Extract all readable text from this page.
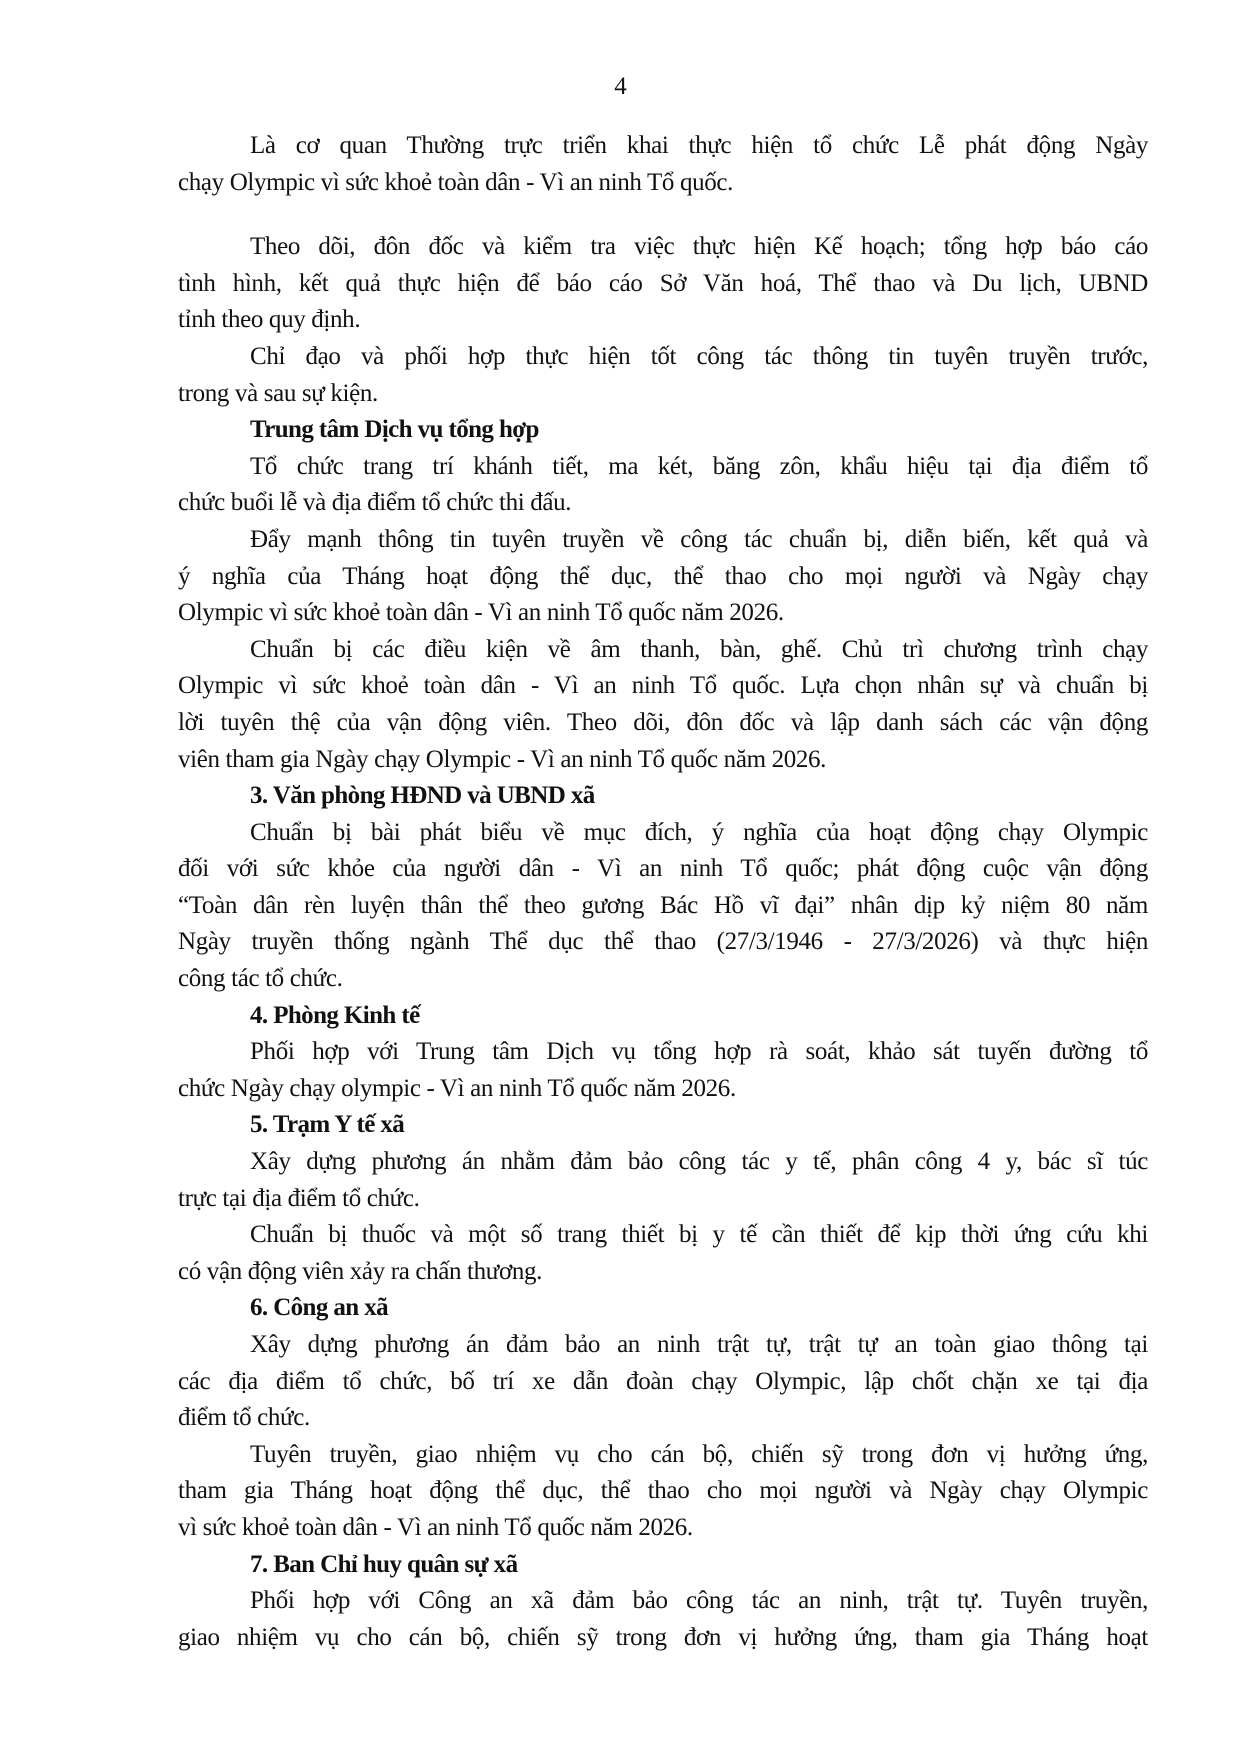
4
Là cơ quan Thường trực triển khai thực hiện tổ chức Lễ phát động Ngày
chạy Olympic vì sức khoẻ toàn dân - Vì an ninh Tổ quốc.
Theo dõi, đôn đốc và kiểm tra việc thực hiện Kế hoạch; tổng hợp báo cáo
tình hình, kết quả thực hiện để báo cáo Sở Văn hoá, Thể thao và Du lịch, UBND
tỉnh theo quy định.
Chỉ đạo và phối hợp thực hiện tốt công tác thông tin tuyên truyền trước,
trong và sau sự kiện.
Trung tâm Dịch vụ tổng hợp
Tổ chức trang trí khánh tiết, ma két, băng zôn, khẩu hiệu tại địa điểm tổ
chức buổi lễ và địa điểm tổ chức thi đấu.
Đẩy mạnh thông tin tuyên truyền về công tác chuẩn bị, diễn biến, kết quả và
ý nghĩa của Tháng hoạt động thể dục, thể thao cho mọi người và Ngày chạy
Olympic vì sức khoẻ toàn dân - Vì an ninh Tổ quốc năm 2026.
Chuẩn bị các điều kiện về âm thanh, bàn, ghế. Chủ trì chương trình chạy
Olympic vì sức khoẻ toàn dân - Vì an ninh Tổ quốc. Lựa chọn nhân sự và chuẩn bị
lời tuyên thệ của vận động viên. Theo dõi, đôn đốc và lập danh sách các vận động
viên tham gia Ngày chạy Olympic - Vì an ninh Tổ quốc năm 2026.
3. Văn phòng HĐND và UBND xã
Chuẩn bị bài phát biểu về mục đích, ý nghĩa của hoạt động chạy Olympic
đối với sức khỏe của người dân - Vì an ninh Tổ quốc; phát động cuộc vận động
“Toàn dân rèn luyện thân thể theo gương Bác Hồ vĩ đại” nhân dịp kỷ niệm 80 năm
Ngày truyền thống ngành Thể dục thể thao (27/3/1946 - 27/3/2026) và thực hiện
công tác tổ chức.
4. Phòng Kinh tế
Phối hợp với Trung tâm Dịch vụ tổng hợp rà soát, khảo sát tuyến đường tổ
chức Ngày chạy olympic - Vì an ninh Tổ quốc năm 2026.
5. Trạm Y tế xã
Xây dựng phương án nhằm đảm bảo công tác y tế, phân công 4 y, bác sĩ túc
trực tại địa điểm tổ chức.
Chuẩn bị thuốc và một số trang thiết bị y tế cần thiết để kịp thời ứng cứu khi
có vận động viên xảy ra chấn thương.
6. Công an xã
Xây dựng phương án đảm bảo an ninh trật tự, trật tự an toàn giao thông tại
các địa điểm tổ chức, bố trí xe dẫn đoàn chạy Olympic, lập chốt chặn xe tại địa
điểm tổ chức.
Tuyên truyền, giao nhiệm vụ cho cán bộ, chiến sỹ trong đơn vị hưởng ứng,
tham gia Tháng hoạt động thể dục, thể thao cho mọi người và Ngày chạy Olympic
vì sức khoẻ toàn dân - Vì an ninh Tổ quốc năm 2026.
7. Ban Chỉ huy quân sự xã
Phối hợp với Công an xã đảm bảo công tác an ninh, trật tự. Tuyên truyền,
giao nhiệm vụ cho cán bộ, chiến sỹ trong đơn vị hưởng ứng, tham gia Tháng hoạt
